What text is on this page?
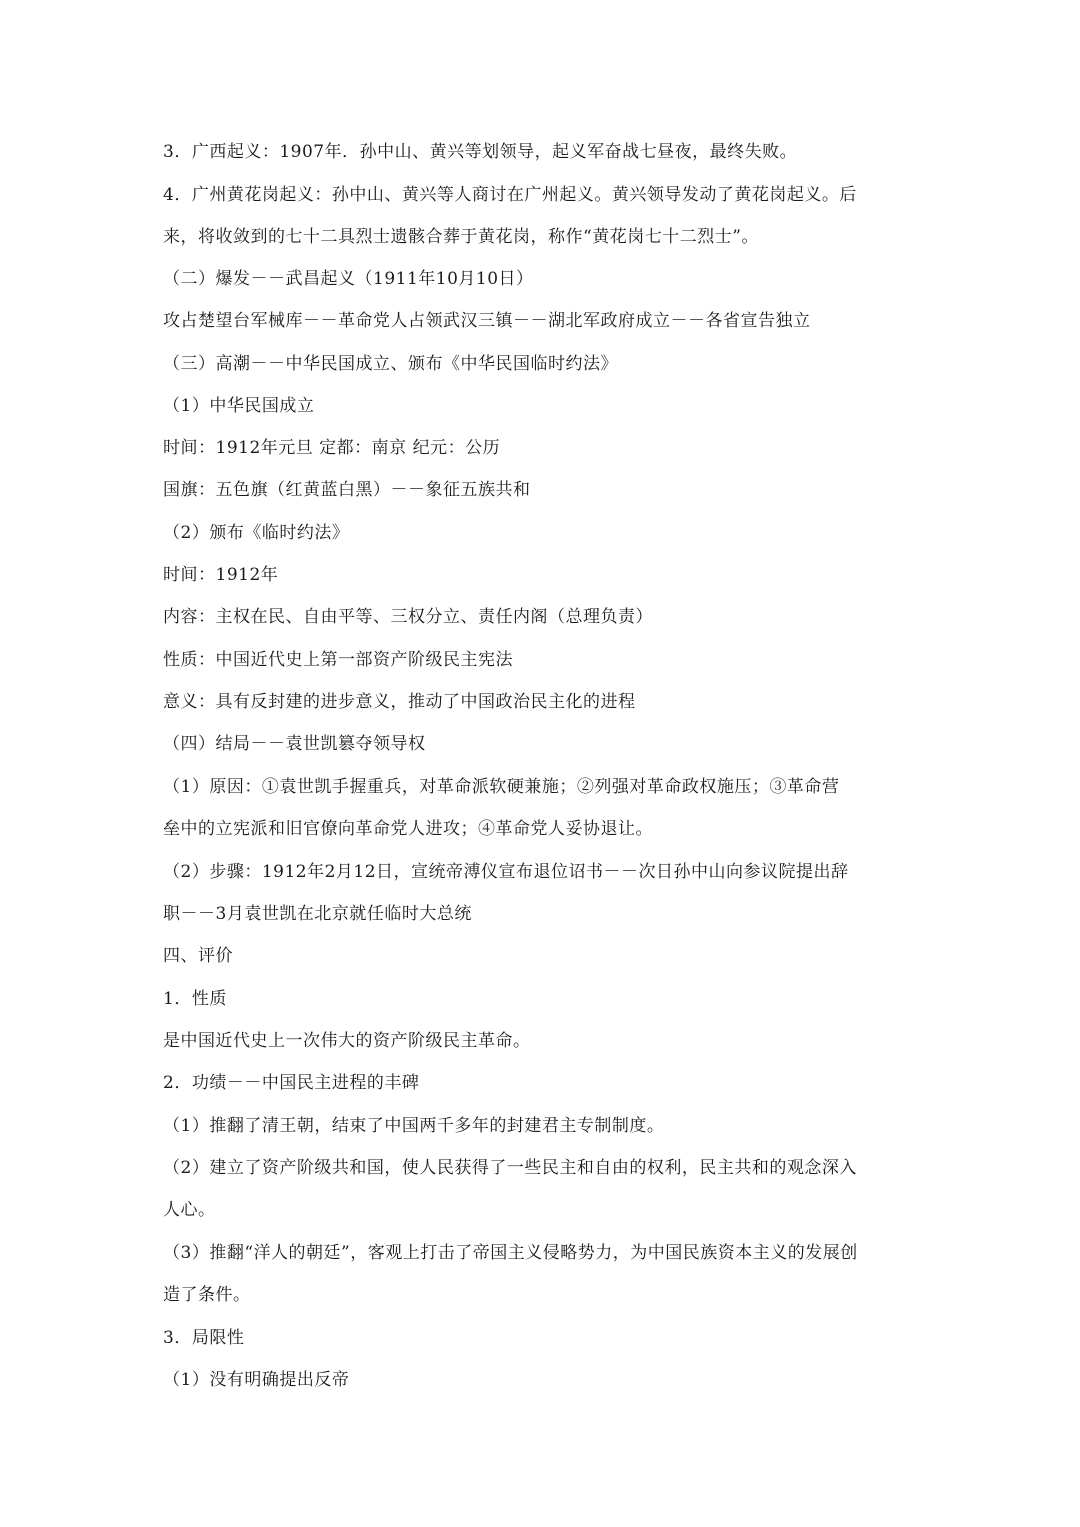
3．广西起义：1907年．孙中山、黄兴等划领导，起义军奋战七昼夜，最终失败。
4．广州黄花岗起义：孙中山、黄兴等人商讨在广州起义。黄兴领导发动了黄花岗起义。后
来，将收敛到的七十二具烈士遗骸合葬于黄花岗，称作“黄花岗七十二烈士”。
（二）爆发－－武昌起义（1911年10月10日）
攻占楚望台军械库－－革命党人占领武汉三镇－－湖北军政府成立－－各省宣告独立
（三）高潮－－中华民国成立、颁布《中华民国临时约法》
（1）中华民国成立
时间：1912年元旦 定都：南京 纪元：公历
国旗：五色旗（红黄蓝白黑）－－象征五族共和
（2）颁布《临时约法》
时间：1912年
内容：主权在民、自由平等、三权分立、责任内阁（总理负责）
性质：中国近代史上第一部资产阶级民主宪法
意义：具有反封建的进步意义，推动了中国政治民主化的进程
（四）结局－－袁世凯篡夺领导权
（1）原因：①袁世凯手握重兵，对革命派软硬兼施；②列强对革命政权施压；③革命营
垒中的立宪派和旧官僚向革命党人进攻；④革命党人妥协退让。
（2）步骤：1912年2月12日，宣统帝溥仪宣布退位诏书－－次日孙中山向参议院提出辞
职－－3月袁世凯在北京就任临时大总统
四、评价
1．性质
是中国近代史上一次伟大的资产阶级民主革命。
2．功绩－－中国民主进程的丰碑
（1）推翻了清王朝，结束了中国两千多年的封建君主专制制度。
（2）建立了资产阶级共和国，使人民获得了一些民主和自由的权利，民主共和的观念深入
人心。
（3）推翻“洋人的朝廷”，客观上打击了帝国主义侵略势力，为中国民族资本主义的发展创
造了条件。
3．局限性
（1）没有明确提出反帝
